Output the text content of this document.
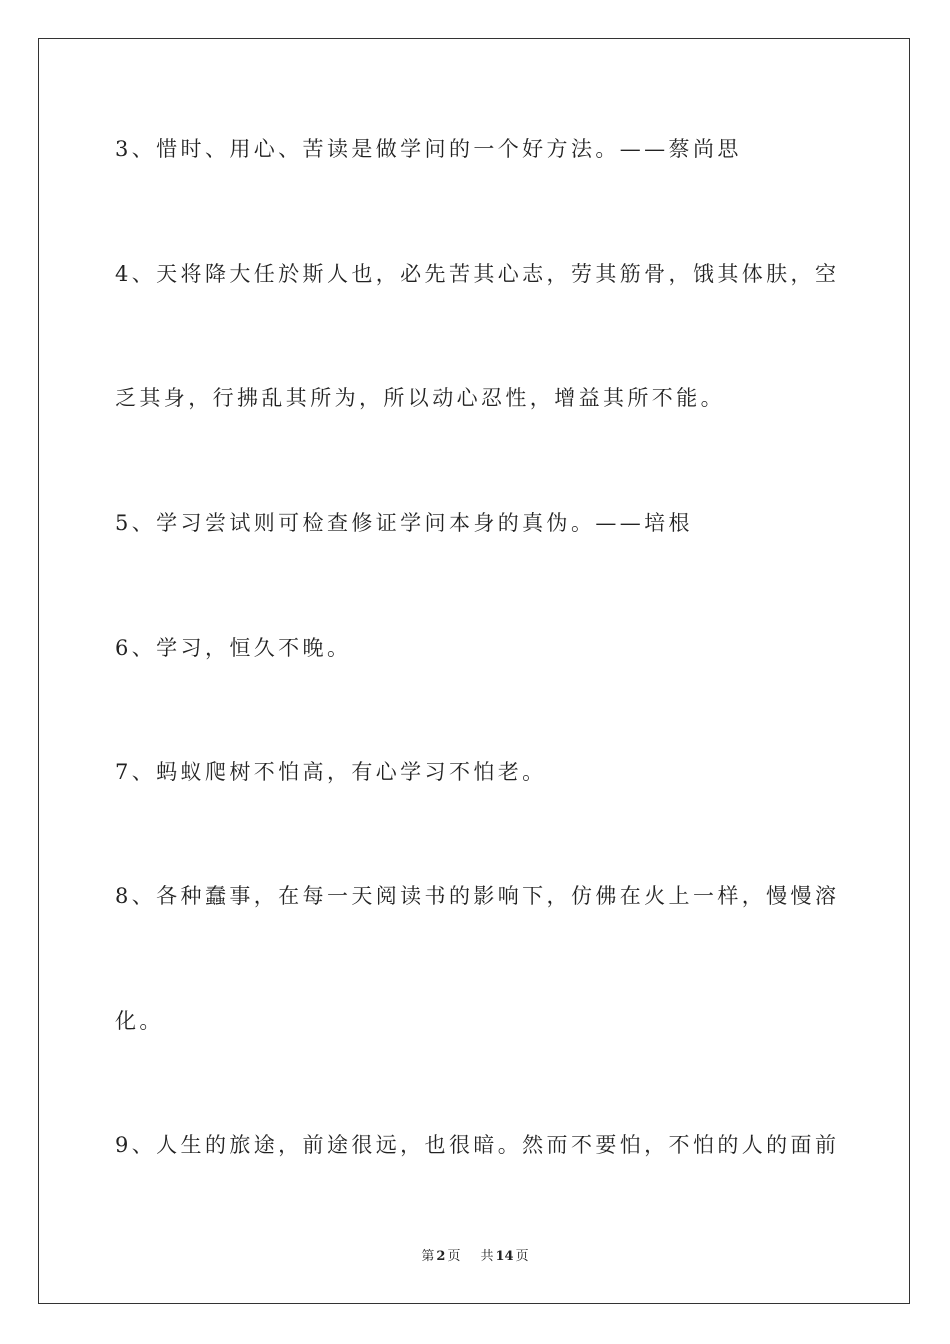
3、惜时、用心、苦读是做学问的一个好方法。——蔡尚思
4、天将降大任於斯人也，必先苦其心志，劳其筋骨，饿其体肤，空
乏其身，行拂乱其所为，所以动心忍性，增益其所不能。
5、学习尝试则可检查修证学问本身的真伪。——培根
6、学习，恒久不晚。
7、蚂蚁爬树不怕高，有心学习不怕老。
8、各种蠢事，在每一天阅读书的影响下，仿佛在火上一样，慢慢溶
化。
9、人生的旅途，前途很远，也很暗。然而不要怕，不怕的人的面前
第 2 页 共 14 页
